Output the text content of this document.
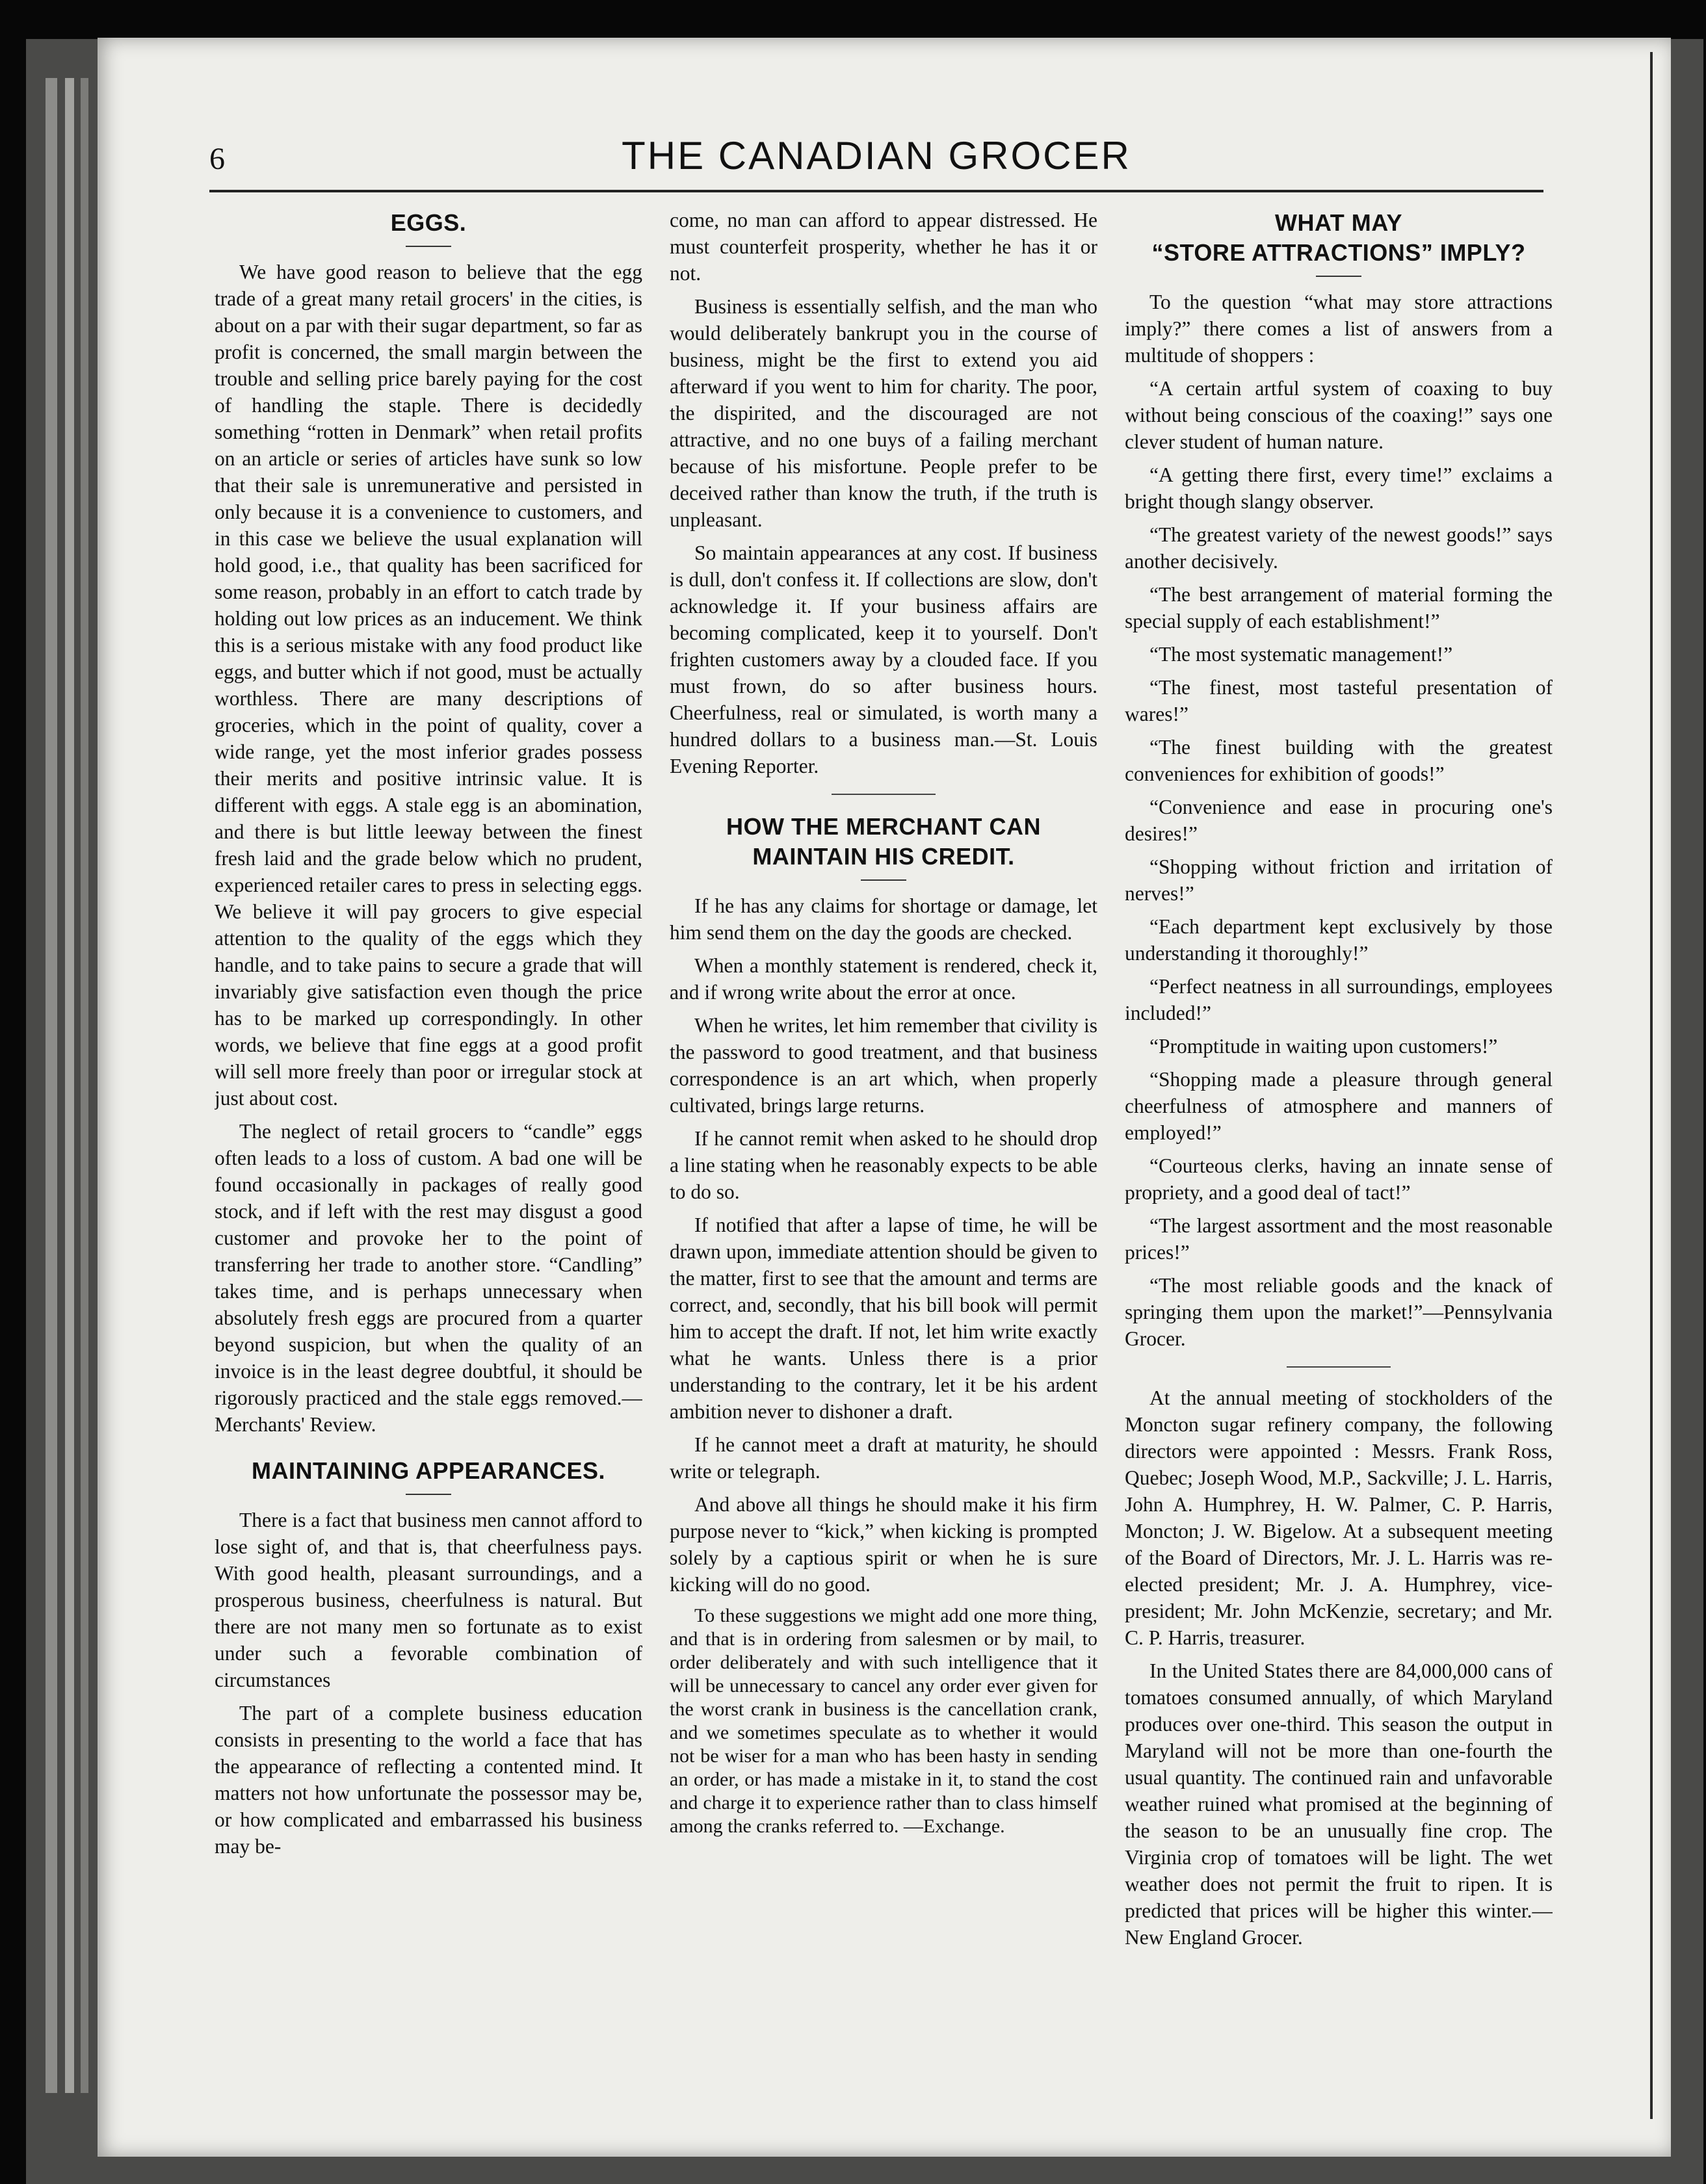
6	THE CANADIAN GROCER
EGGS.

We have good reason to believe that the egg trade of a great many retail grocers' in the cities, is about on a par with their sugar department, so far as profit is concerned, the small margin between the trouble and selling price barely paying for the cost of handling the staple. There is decidedly something “rotten in Denmark” when retail profits on an article or series of articles have sunk so low that their sale is unremunerative and persisted in only because it is a convenience to customers, and in this case we believe the usual explanation will hold good, i.e., that quality has been sacrificed for some reason, probably in an effort to catch trade by holding out low prices as an inducement. We think this is a serious mistake with any food product like eggs, and butter which if not good, must be actually worthless. There are many descriptions of groceries, which in the point of quality, cover a wide range, yet the most inferior grades possess their merits and positive intrinsic value. It is different with eggs. A stale egg is an abomination, and there is but little leeway between the finest fresh laid and the grade below which no prudent, experienced retailer cares to press in selecting eggs. We believe it will pay grocers to give especial attention to the quality of the eggs which they handle, and to take pains to secure a grade that will invariably give satisfaction even though the price has to be marked up correspondingly. In other words, we believe that fine eggs at a good profit will sell more freely than poor or irregular stock at just about cost.

The neglect of retail grocers to “candle” eggs often leads to a loss of custom. A bad one will be found occasionally in packages of really good stock, and if left with the rest may disgust a good customer and provoke her to the point of transferring her trade to another store. “Candling” takes time, and is perhaps unnecessary when absolutely fresh eggs are procured from a quarter beyond suspicion, but when the quality of an invoice is in the least degree doubtful, it should be rigorously practiced and the stale eggs removed.—Merchants' Review.

MAINTAINING APPEARANCES.

There is a fact that business men cannot afford to lose sight of, and that is, that cheerfulness pays. With good health, pleasant surroundings, and a prosperous business, cheerfulness is natural. But there are not many men so fortunate as to exist under such a fevorable combination of circumstances

The part of a complete business education consists in presenting to the world a face that has the appearance of reflecting a contented mind. It matters not how unfortunate the possessor may be, or how complicated and embarrassed his business may be-

come, no man can afford to appear distressed. He must counterfeit prosperity, whether he has it or not.

Business is essentially selfish, and the man who would deliberately bankrupt you in the course of business, might be the first to extend you aid afterward if you went to him for charity. The poor, the dispirited, and the discouraged are not attractive, and no one buys of a failing merchant because of his misfortune. People prefer to be deceived rather than know the truth, if the truth is unpleasant.

So maintain appearances at any cost. If business is dull, don't confess it. If collections are slow, don't acknowledge it. If your business affairs are becoming complicated, keep it to yourself. Don't frighten customers away by a clouded face. If you must frown, do so after business hours. Cheerfulness, real or simulated, is worth many a hundred dollars to a business man.—St. Louis Evening Reporter.

HOW THE MERCHANT CAN MAINTAIN HIS CREDIT.

If he has any claims for shortage or damage, let him send them on the day the goods are checked.

When a monthly statement is rendered, check it, and if wrong write about the error at once.

When he writes, let him remember that civility is the password to good treatment, and that business correspondence is an art which, when properly cultivated, brings large returns.

If he cannot remit when asked to he should drop a line stating when he reasonably expects to be able to do so.

If notified that after a lapse of time, he will be drawn upon, immediate attention should be given to the matter, first to see that the amount and terms are correct, and, secondly, that his bill book will permit him to accept the draft. If not, let him write exactly what he wants. Unless there is a prior understanding to the contrary, let it be his ardent ambition never to dishoner a draft.

If he cannot meet a draft at maturity, he should write or telegraph.

And above all things he should make it his firm purpose never to “kick,” when kicking is prompted solely by a captious spirit or when he is sure kicking will do no good.

To these suggestions we might add one more thing, and that is in ordering from salesmen or by mail, to order deliberately and with such intelligence that it will be unnecessary to cancel any order ever given for the worst crank in business is the cancellation crank, and we sometimes speculate as to whether it would not be wiser for a man who has been hasty in sending an order, or has made a mistake in it, to stand the cost and charge it to experience rather than to class himself among the cranks referred to. —Exchange.

WHAT MAY
“STORE ATTRACTIONS” IMPLY?

To the question “what may store attractions imply?” there comes a list of answers from a multitude of shoppers :

“A certain artful system of coaxing to buy without being conscious of the coaxing!” says one clever student of human nature.

“A getting there first, every time!” exclaims a bright though slangy observer.

“The greatest variety of the newest goods!” says another decisively.

“The best arrangement of material forming the special supply of each establishment!”

“The most systematic management!”

“The finest, most tasteful presentation of wares!”

“The finest building with the greatest conveniences for exhibition of goods!”

“Convenience and ease in procuring one's desires!”

“Shopping without friction and irritation of nerves!”

“Each department kept exclusively by those understanding it thoroughly!”

“Perfect neatness in all surroundings, employees included!”

“Promptitude in waiting upon customers!”

“Shopping made a pleasure through general cheerfulness of atmosphere and manners of employed!”

“Courteous clerks, having an innate sense of propriety, and a good deal of tact!”

“The largest assortment and the most reasonable prices!”

“The most reliable goods and the knack of springing them upon the market!”—Pennsylvania Grocer.

At the annual meeting of stockholders of the Moncton sugar refinery company, the following directors were appointed : Messrs. Frank Ross, Quebec; Joseph Wood, M.P., Sackville; J. L. Harris, John A. Humphrey, H. W. Palmer, C. P. Harris, Moncton; J. W. Bigelow. At a subsequent meeting of the Board of Directors, Mr. J. L. Harris was re-elected president; Mr. J. A. Humphrey, vice-president; Mr. John McKenzie, secretary; and Mr. C. P. Harris, treasurer.

In the United States there are 84,000,000 cans of tomatoes consumed annually, of which Maryland produces over one-third. This season the output in Maryland will not be more than one-fourth the usual quantity. The continued rain and unfavorable weather ruined what promised at the beginning of the season to be an unusually fine crop. The Virginia crop of tomatoes will be light. The wet weather does not permit the fruit to ripen. It is predicted that prices will be higher this winter.—New England Grocer.
